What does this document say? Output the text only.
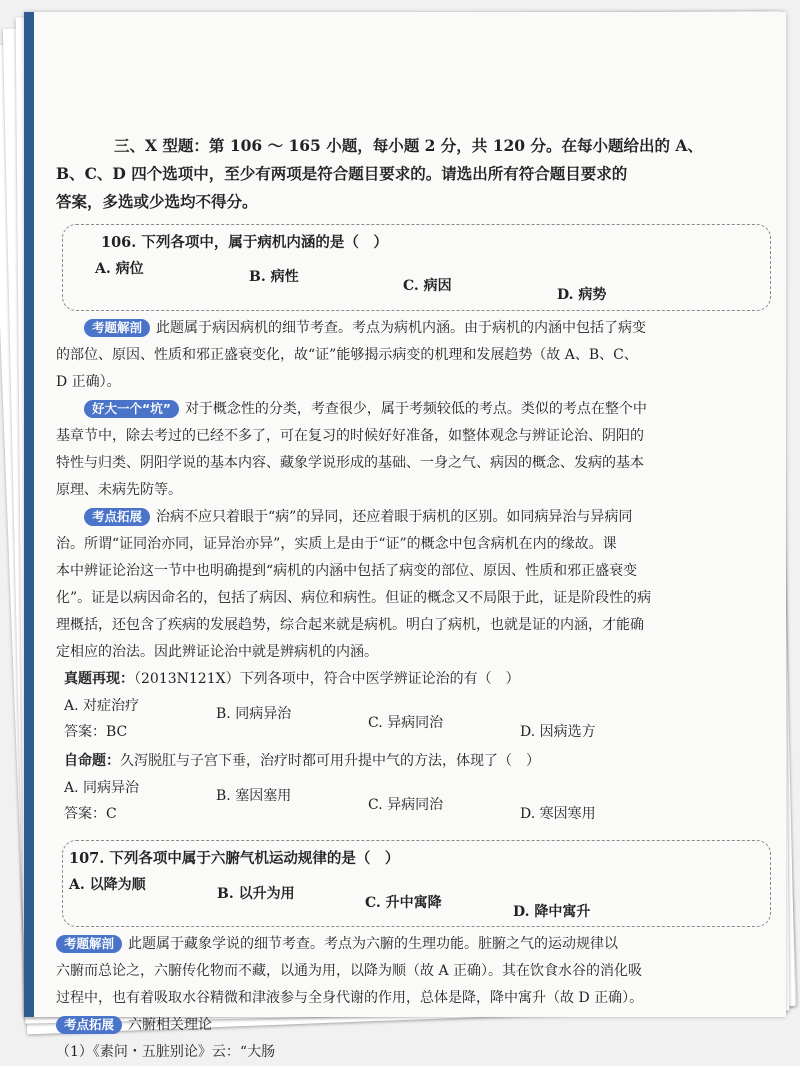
三、X 型题：第 106 ～ 165 小题，每小题 2 分，共 120 分。在每小题给出的 A、

B、C、D 四个选项中，至少有两项是符合题目要求的。请选出所有符合题目要求的

答案，多选或少选均不得分。

106. 下列各项中，属于病机内涵的是（　）
A. 病位	B. 病性
C. 病因
D. 病势

考题解剖 此题属于病因病机的细节考查。考点为病机内涵。由于病机的内涵中包括了病变

的部位、原因、性质和邪正盛衰变化，故“证”能够揭示病变的机理和发展趋势（故 A、B、C、

D 正确）。

好大一个“坑” 对于概念性的分类，考查很少，属于考频较低的考点。类似的考点在整个中

基章节中，除去考过的已经不多了，可在复习的时候好好准备，如整体观念与辨证论治、阴阳的

特性与归类、阴阳学说的基本内容、藏象学说形成的基础、一身之气、病因的概念、发病的基本

原理、未病先防等。

考点拓展 治病不应只着眼于“病”的异同，还应着眼于病机的区别。如同病异治与异病同

治。所谓“证同治亦同，证异治亦异”，实质上是由于“证”的概念中包含病机在内的缘故。课

本中辨证论治这一节中也明确提到“病机的内涵中包括了病变的部位、原因、性质和邪正盛衰变

化”。证是以病因命名的，包括了病因、病位和病性。但证的概念又不局限于此，证是阶段性的病

理概括，还包含了疾病的发展趋势，综合起来就是病机。明白了病机，也就是证的内涵，才能确

定相应的治法。因此辨证论治中就是辨病机的内涵。

真题再现：（2013N121X）下列各项中，符合中医学辨证论治的有（　）

A. 对症治疗	B. 同病异治
C. 异病同治
D. 因病选方

答案：BC

自命题：久泻脱肛与子宫下垂，治疗时都可用升提中气的方法，体现了（　）

A. 同病异治	B. 塞因塞用
C. 异病同治
D. 寒因寒用

答案：C

107. 下列各项中属于六腑气机运动规律的是（　）
A. 以降为顺
B. 以升为用
C. 升中寓降
D. 降中寓升

考题解剖 此题属于藏象学说的细节考查。考点为六腑的生理功能。脏腑之气的运动规律以

六腑而总论之，六腑传化物而不藏，以通为用，以降为顺（故 A 正确）。其在饮食水谷的消化吸

过程中，也有着吸取水谷精微和津液参与全身代谢的作用，总体是降，降中寓升（故 D 正确）。

考点拓展 六腑相关理论

（1）《素问・五脏别论》云：“大肠
